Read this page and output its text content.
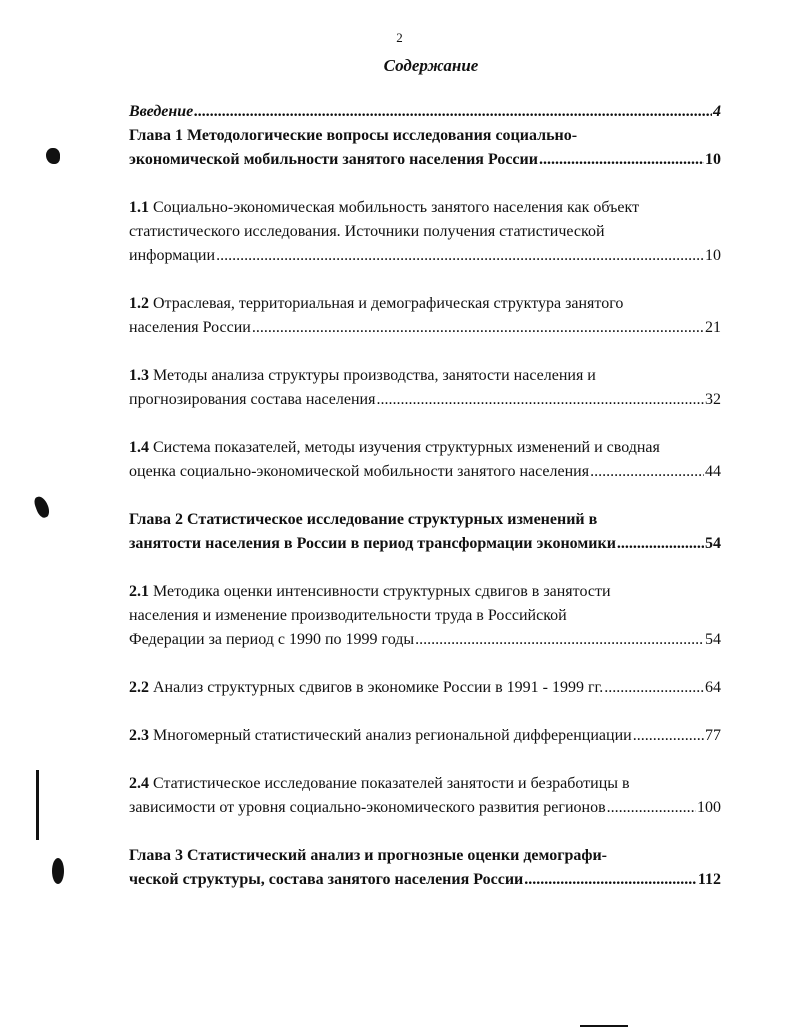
2
Содержание
Введение .....	4
Глава 1 Методологические вопросы исследования социально-
экономической мобильности занятого населения России .....	10
1.1 Социально-экономическая мобильность занятого населения как объект
статистического исследования. Источники получения статистической
информации .....	10
1.2 Отраслевая, территориальная и демографическая структура занятого
населения России .....	21
1.3 Методы анализа структуры производства, занятости населения и
прогнозирования состава населения .....	32
1.4 Система показателей, методы изучения структурных изменений и сводная
оценка социально-экономической мобильности занятого населения .....	44
Глава 2 Статистическое исследование структурных изменений в
занятости населения в России в период трансформации экономики .....	54
2.1 Методика оценки интенсивности структурных сдвигов в занятости
населения и изменение производительности труда в Российской
Федерации за период с 1990 по 1999 годы .....	54
2.2 Анализ структурных сдвигов в экономике России в 1991 - 1999 гг. .....	64
2.3 Многомерный статистический анализ региональной дифференциации .....	77
2.4 Статистическое исследование показателей занятости и безработицы в
зависимости от уровня социально-экономического развития регионов .....	100
Глава 3 Статистический анализ и прогнозные оценки демографи-
ческой структуры, состава занятого населения России .....	112
